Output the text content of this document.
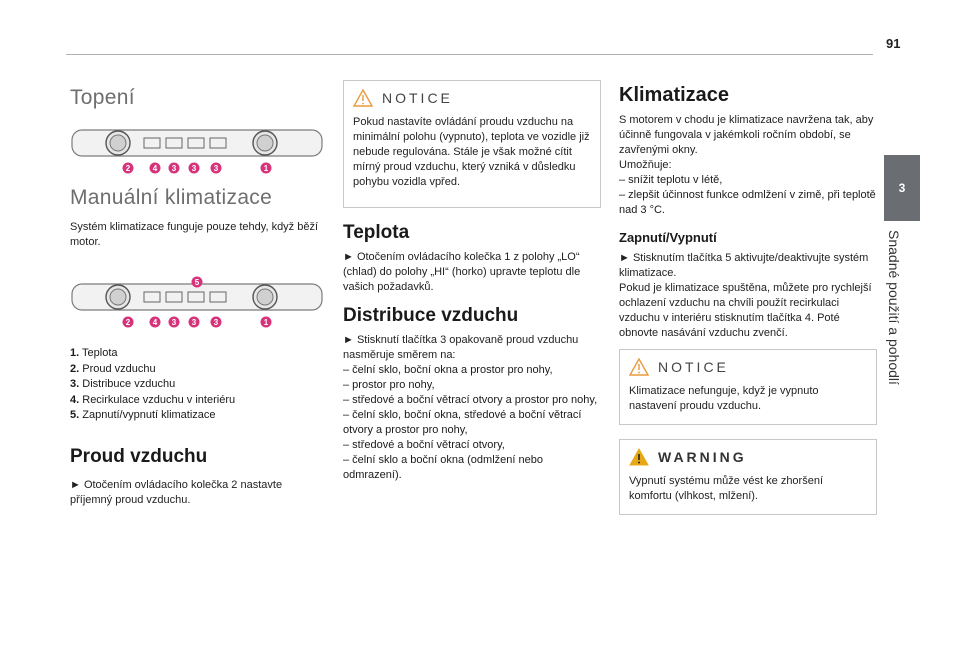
91
3
Snadné použití a pohodlí
Topení
2	4 3 3 3	1
Manuální klimatizace

Systém klimatizace funguje pouze tehdy, když běží motor.

5
2	4 3 3 3	1
1. Teplota
2. Proud vzduchu
3. Distribuce vzduchu
4. Recirkulace vzduchu v interiéru
5. Zapnutí/vypnutí klimatizace
Proud vzduchu

► Otočením ovládacího kolečka 2 nastavte příjemný proud vzduchu.

NOTICE

Pokud nastavíte ovládání proudu vzduchu na minimální polohu (vypnuto), teplota ve vozidle již nebude regulována. Stále je však možné cítit mírný proud vzduchu, který vzniká v důsledku pohybu vozidla vpřed.

Teplota

► Otočením ovládacího kolečka 1 z polohy „LO“ (chlad) do polohy „HI“ (horko) upravte teplotu dle vašich požadavků.

Distribuce vzduchu

► Stisknutí tlačítka 3 opakovaně proud vzduchu nasměruje směrem na:

– čelní sklo, boční okna a prostor pro nohy,
– prostor pro nohy,
– středové a boční větrací otvory a prostor pro nohy,
– čelní sklo, boční okna, středové a boční větrací otvory a prostor pro nohy,
– středové a boční větrací otvory,
– čelní sklo a boční okna (odmlžení nebo odmrazení).
Klimatizace

S motorem v chodu je klimatizace navržena tak, aby účinně fungovala v jakémkoli ročním období, se zavřenými okny.

Umožňuje:

– snížit teplotu v létě,
– zlepšit účinnost funkce odmlžení v zimě, při teplotě nad 3 °C.
Zapnutí/Vypnutí

► Stisknutím tlačítka 5 aktivujte/deaktivujte systém klimatizace.

Pokud je klimatizace spuštěna, můžete pro rychlejší ochlazení vzduchu na chvíli použít recirkulaci vzduchu v interiéru stisknutím tlačítka 4. Poté obnovte nasávání vzduchu zvenčí.

NOTICE

Klimatizace nefunguje, když je vypnuto nastavení proudu vzduchu.

WARNING

Vypnutí systému může vést ke zhoršení komfortu (vlhkost, mlžení).
